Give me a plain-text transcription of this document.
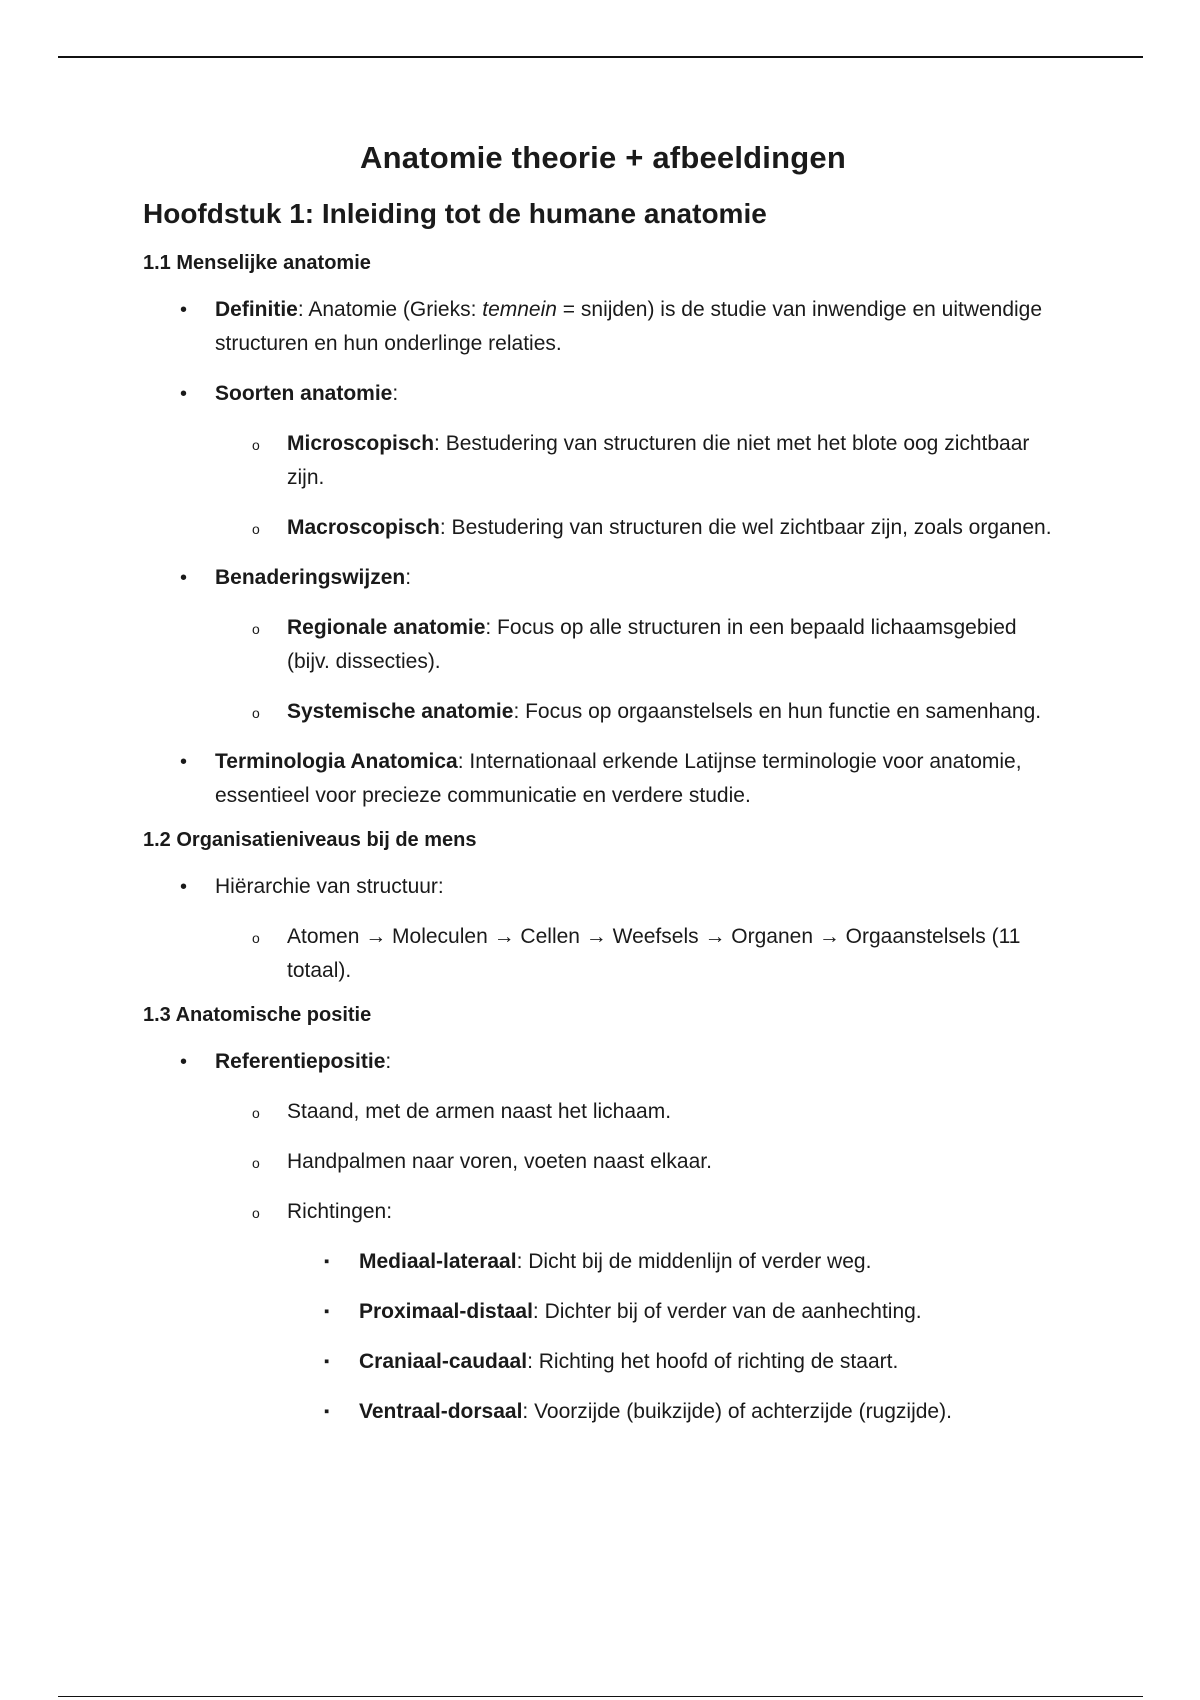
Anatomie theorie + afbeeldingen
Hoofdstuk 1: Inleiding tot de humane anatomie
1.1 Menselijke anatomie
• Definitie: Anatomie (Grieks: temnein = snijden) is de studie van inwendige en uitwendige structuren en hun onderlinge relaties.
• Soorten anatomie:
o Microscopisch: Bestudering van structuren die niet met het blote oog zichtbaar zijn.
o Macroscopisch: Bestudering van structuren die wel zichtbaar zijn, zoals organen.
• Benaderingswijzen:
o Regionale anatomie: Focus op alle structuren in een bepaald lichaamsgebied (bijv. dissecties).
o Systemische anatomie: Focus op orgaanstelsels en hun functie en samenhang.
• Terminologia Anatomica: Internationaal erkende Latijnse terminologie voor anatomie, essentieel voor precieze communicatie en verdere studie.
1.2 Organisatieniveaus bij de mens
• Hiërarchie van structuur:
o Atomen → Moleculen → Cellen → Weefsels → Organen → Orgaanstelsels (11 totaal).
1.3 Anatomische positie
• Referentiepositie:
o Staand, met de armen naast het lichaam.
o Handpalmen naar voren, voeten naast elkaar.
o Richtingen:
▪ Mediaal-lateraal: Dicht bij de middenlijn of verder weg.
▪ Proximaal-distaal: Dichter bij of verder van de aanhechting.
▪ Craniaal-caudaal: Richting het hoofd of richting de staart.
▪ Ventraal-dorsaal: Voorzijde (buikzijde) of achterzijde (rugzijde).
